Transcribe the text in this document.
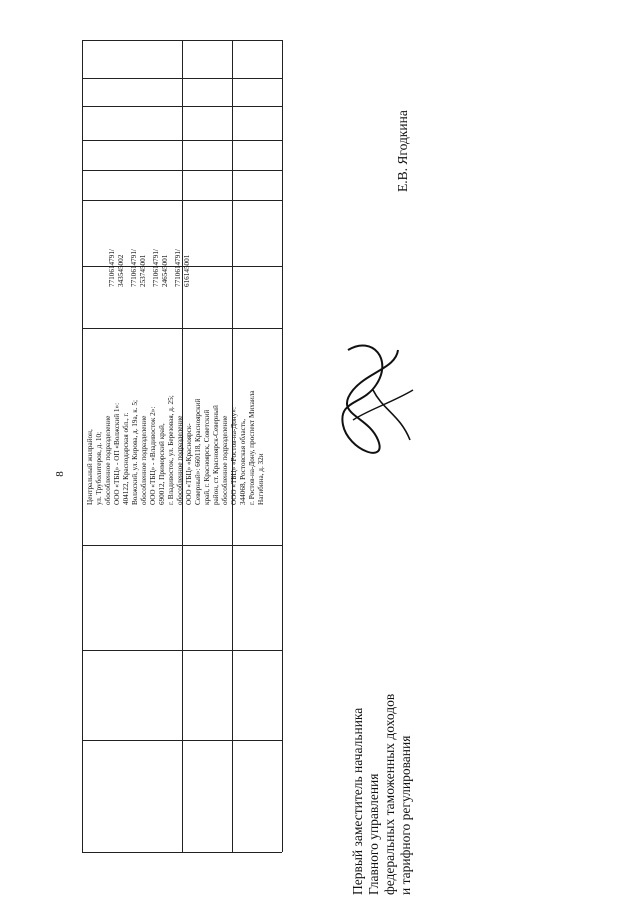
8	Центральный жилрайон,
ул. Труболитеров, д. 10;
обособленное подразделение
ООО «ТБЦ» - ОП «Волжский 1»:
404122, Краснодарская обл., г.
Волжский, ул. Кирова, д. 19а, к. 5;
обособленное подразделение
ООО «ТБЦ» - «Владивосток 2»:
690012, Приморский край,
г. Владивосток, ул. Березовая, д. 25;
обособленное подразделение
ООО «ТБЦ» «Красноярск-
Северный»: 660118, Красноярский
край, г. Красноярск, Советский
район, ст. Красноярск-Северный
обособленное подразделение
ООО «ТБЦ» «Ростов-на-Дону»:
344068, Ростовская область,
г. Ростов-на-Дону, проспект Михаила
Нагибина, д. 32и
7710614791/
343545002 7710614791/
253745001 7710614791/
246545001 7710614791/
616145001
Первый заместитель начальника Главного управления федеральных таможенных доходов и тарифного регулирования
Е.В. Ягодкина
